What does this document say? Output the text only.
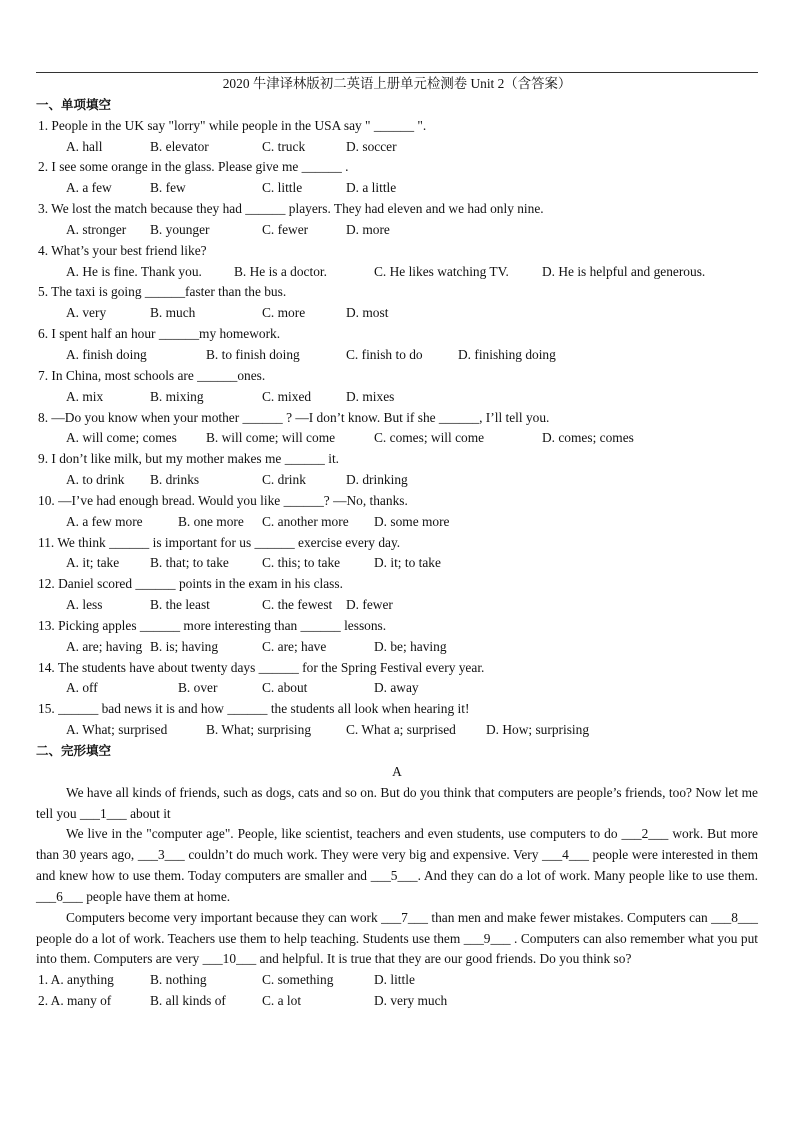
2020 牛津译林版初二英语上册单元检测卷 Unit 2（含答案）
一、单项填空
1. People in the UK say "lorry" while people in the USA say " ______ ".
A. hall	B. elevator	C. truck	D. soccer
2. I see some orange in the glass. Please give me ______ .
A. a few	B. few	C. little	D. a little
3. We lost the match because they had ______ players. They had eleven and we had only nine.
A. stronger B. younger	C. fewer	D. more
4. What’s your best friend like?
A. He is fine. Thank you. B. He is a doctor.	C. He likes watching TV. D. He is helpful and generous.
5. The taxi is going ______faster than the bus.
A. very	B. much	C. more	D. most
6. I spent half an hour ______my homework.
A. finish doing	B. to finish doing	C. finish to do	D. finishing doing
7. In China, most schools are ______ones.
A. mix	B. mixing	C. mixed	D. mixes
8. —Do you know when your mother ______ ? —I don’t know. But if she ______, I’ll tell you.
A. will come; comes B. will come; will come	C. comes; will come	D. comes; comes
9. I don’t like milk, but my mother makes me ______ it.
A. to drink B. drinks	C. drink	D. drinking
10. —I’ve had enough bread. Would you like ______? —No, thanks.
A. a few more	B. one more C. another more D. some more
11. We think ______ is important for us ______ exercise every day.
A. it; take B. that; to take C. this; to take	D. it; to take
12. Daniel scored ______ points in the exam in his class.
A. less	B. the least	C. the fewest D. fewer
13. Picking apples ______ more interesting than ______ lessons.
A. are; having B. is; having	C. are; have	D. be; having
14. The students have about twenty days ______ for the Spring Festival every year.
A. off	B. over	C. about	D. away
15. ______ bad news it is and how ______ the students all look when hearing it!
A. What; surprised	B. What; surprising	C. What a; surprised D. How; surprising
二、完形填空
A

We have all kinds of friends, such as dogs, cats and so on. But do you think that computers are people’s friends, too? Now let me tell you ___1___ about it

We live in the "computer age". People, like scientist, teachers and even students, use computers to do ___2___ work. But more than 30 years ago, ___3___ couldn’t do much work. They were very big and expensive. Very ___4___ people were interested in them and knew how to use them. Today computers are smaller and ___5___. And they can do a lot of work. Many people like to use them. ___6___ people have them at home.

Computers become very important because they can work ___7___ than men and make fewer mistakes. Computers can ___8___ people do a lot of work. Teachers use them to help teaching. Students use them ___9___ . Computers can also remember what you put into them. Computers are very ___10___ and helpful. It is true that they are our good friends. Do you think so?

1. A. anything	B. nothing	C. something	D. little
2. A. many of	B. all kinds of	C. a lot	D. very much
